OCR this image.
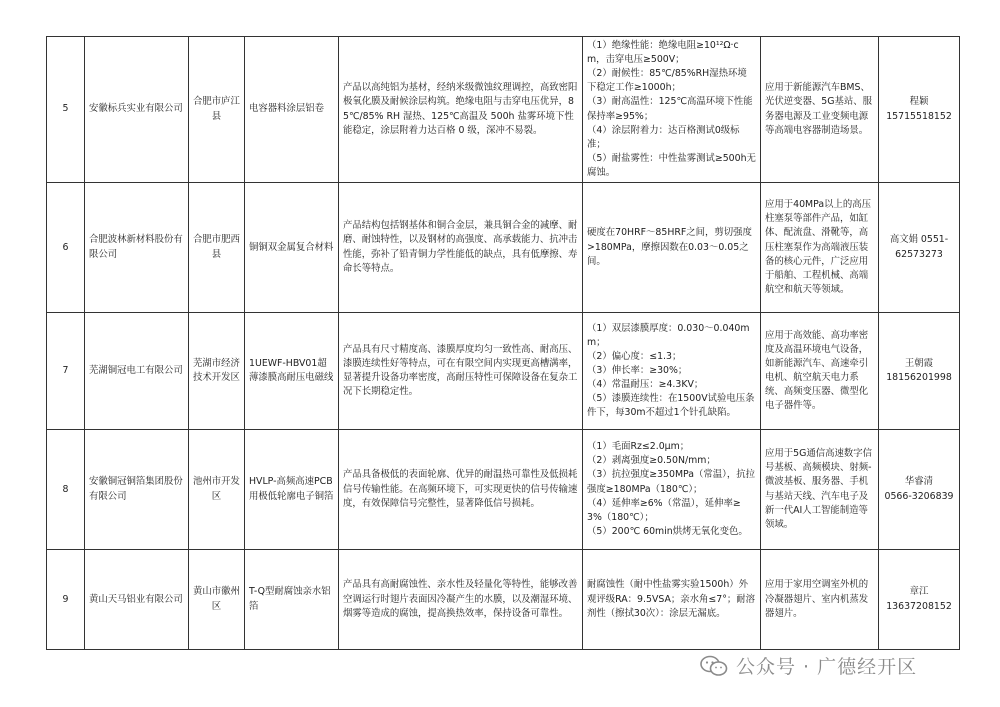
5	安徽标兵实业有限公司	合肥市庐江县	电容器料涂层铝卷	产品以高纯铝为基材，经纳米级微蚀纹理调控，高致密阳极氧化膜及耐候涂层构筑。绝缘电阻与击穿电压优异，85℃/85% RH 湿热、125℃高温及 500h 盐雾环境下性能稳定，涂层附着力达百格 0 级，深冲不易裂。	（1）绝缘性能：绝缘电阻≥10¹²Ω·cm，击穿电压≥500V；
（2）耐候性：85℃/85%RH湿热环境下稳定工作≥1000h；
（3）耐高温性：125℃高温环境下性能保持率≥95%；
（4）涂层附着力：达百格测试0级标准；
（5）耐盐雾性：中性盐雾测试≥500h无腐蚀。	应用于新能源汽车BMS、光伏逆变器、5G基站、服务器电源及工业变频电源等高端电容器制造场景。	程颖
15715518152

6	合肥波林新材料股份有限公司	合肥市肥西县	铜铜双金属复合材料	产品结构包括钢基体和铜合金层，兼具铜合金的减摩、耐磨、耐蚀特性，以及钢材的高强度、高承载能力、抗冲击性能，弥补了铅青铜力学性能低的缺点，具有低摩擦、寿命长等特点。	硬度在70HRF～85HRF之间，剪切强度>180MPa，摩擦因数在0.03～0.05之间。	应用于40MPa以上的高压柱塞泵等部件产品，如缸体、配流盘、滑靴等，高压柱塞泵作为高端液压装备的核心元件，广泛应用于船舶、工程机械、高端航空和航天等领域。	高文娟 0551-
62573273

7	芜湖铜冠电工有限公司	芜湖市经济技术开发区	1UEWF-HBV01超薄漆膜高耐压电磁线	产品具有尺寸精度高、漆膜厚度均匀一致性高、耐高压、漆膜连续性好等特点，可在有限空间内实现更高槽满率，显著提升设备功率密度，高耐压特性可保障设备在复杂工况下长期稳定性。	（1）双层漆膜厚度：0.030～0.040mm；
（2）偏心度：≤1.3；
（3）伸长率：≥30%；
（4）常温耐压：≥4.3KV；
（5）漆膜连续性：在1500V试验电压条件下，每30m不超过1个针孔缺陷。	应用于高效能、高功率密度及高温环境电气设备，如新能源汽车、高速牵引电机、航空航天电力系统、高频变压器、微型化电子器件等。	王朝霞
18156201998

8	安徽铜冠铜箔集团股份有限公司	池州市开发区	HVLP-高频高速PCB用极低轮廓电子铜箔	产品具备极低的表面轮廓、优异的耐温热可靠性及低损耗信号传输性能。在高频环境下，可实现更快的信号传输速度，有效保障信号完整性，显著降低信号损耗。	（1）毛面Rz≤2.0μm；
（2）剥离强度≥0.50N/mm；
（3）抗拉强度≥350MPa（常温），抗拉强度≥180MPa（180℃）；
（4）延伸率≥6%（常温），延伸率≥3%（180℃）；
（5）200℃ 60min烘烤无氧化变色。	应用于5G通信高速数字信号基板、高频模块、射频-微波基板、服务器、手机与基站天线、汽车电子及新一代AI人工智能制造等领域。	华睿清
0566-3206839

9	黄山天马铝业有限公司	黄山市徽州区	T-Q型耐腐蚀亲水铝箔	产品具有高耐腐蚀性、亲水性及轻量化等特性，能够改善空调运行时翅片表面因冷凝产生的水膜，以及潮湿环境、烟雾等造成的腐蚀，提高换热效率，保持设备可靠性。	耐腐蚀性（耐中性盐雾实验1500h）外观评级RA：9.5VSA；亲水角≤7°；耐溶剂性（擦拭30次）：涂层无漏底。	应用于家用空调室外机的冷凝器翅片、室内机蒸发器翅片。	章江
13637208152
公众号 · 广德经开区
